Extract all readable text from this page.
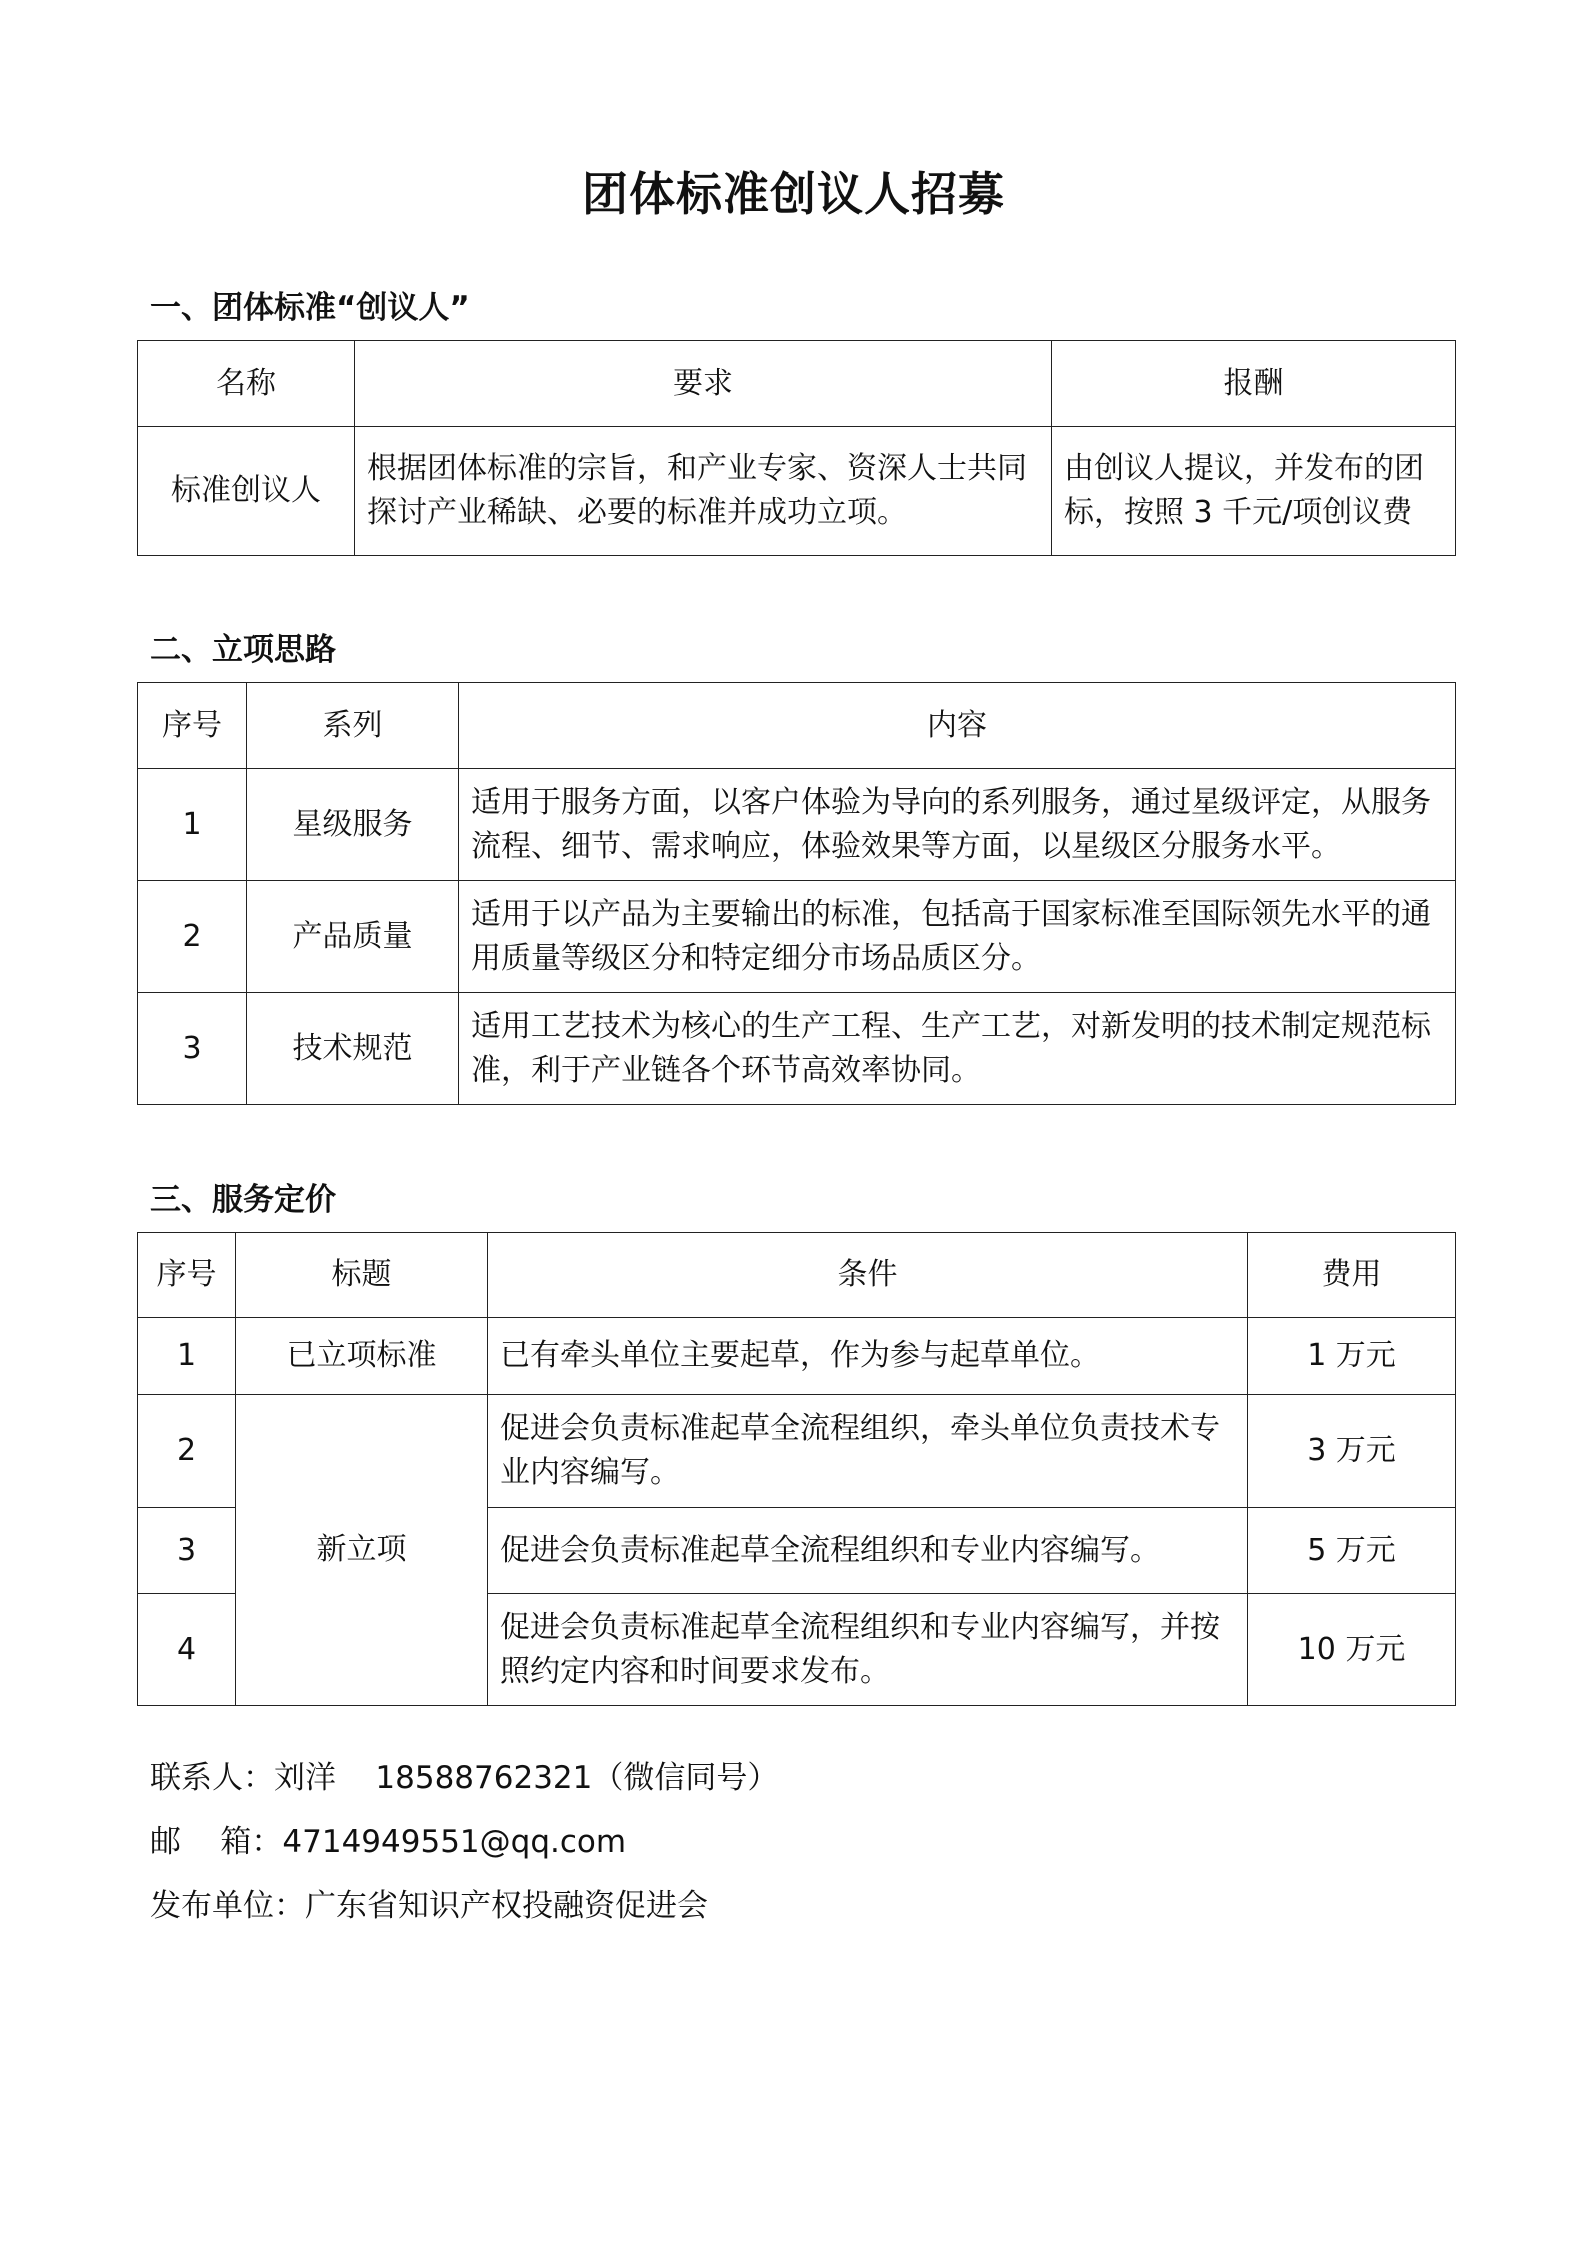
团体标准创议人招募
一、团体标准“创议人”
名称	要求	报酬
标准创议人	根据团体标准的宗旨，和产业专家、资深人士共同探讨产业稀缺、必要的标准并成功立项。	由创议人提议，并发布的团标，按照 3 千元/项创议费
二、立项思路
序号	系列	内容
1	星级服务	适用于服务方面，以客户体验为导向的系列服务，通过星级评定，从服务流程、细节、需求响应，体验效果等方面，以星级区分服务水平。
2	产品质量	适用于以产品为主要输出的标准，包括高于国家标准至国际领先水平的通用质量等级区分和特定细分市场品质区分。
3	技术规范	适用工艺技术为核心的生产工程、生产工艺，对新发明的技术制定规范标准，利于产业链各个环节高效率协同。
三、服务定价
序号	标题	条件	费用
1	已立项标准	已有牵头单位主要起草，作为参与起草单位。	1 万元
2	新立项	促进会负责标准起草全流程组织，牵头单位负责技术专业内容编写。	3 万元
3		促进会负责标准起草全流程组织和专业内容编写。	5 万元
4		促进会负责标准起草全流程组织和专业内容编写，并按照约定内容和时间要求发布。	10 万元
联系人：刘洋    18588762321（微信同号）
邮    箱：4714949551@qq.com
发布单位：广东省知识产权投融资促进会
